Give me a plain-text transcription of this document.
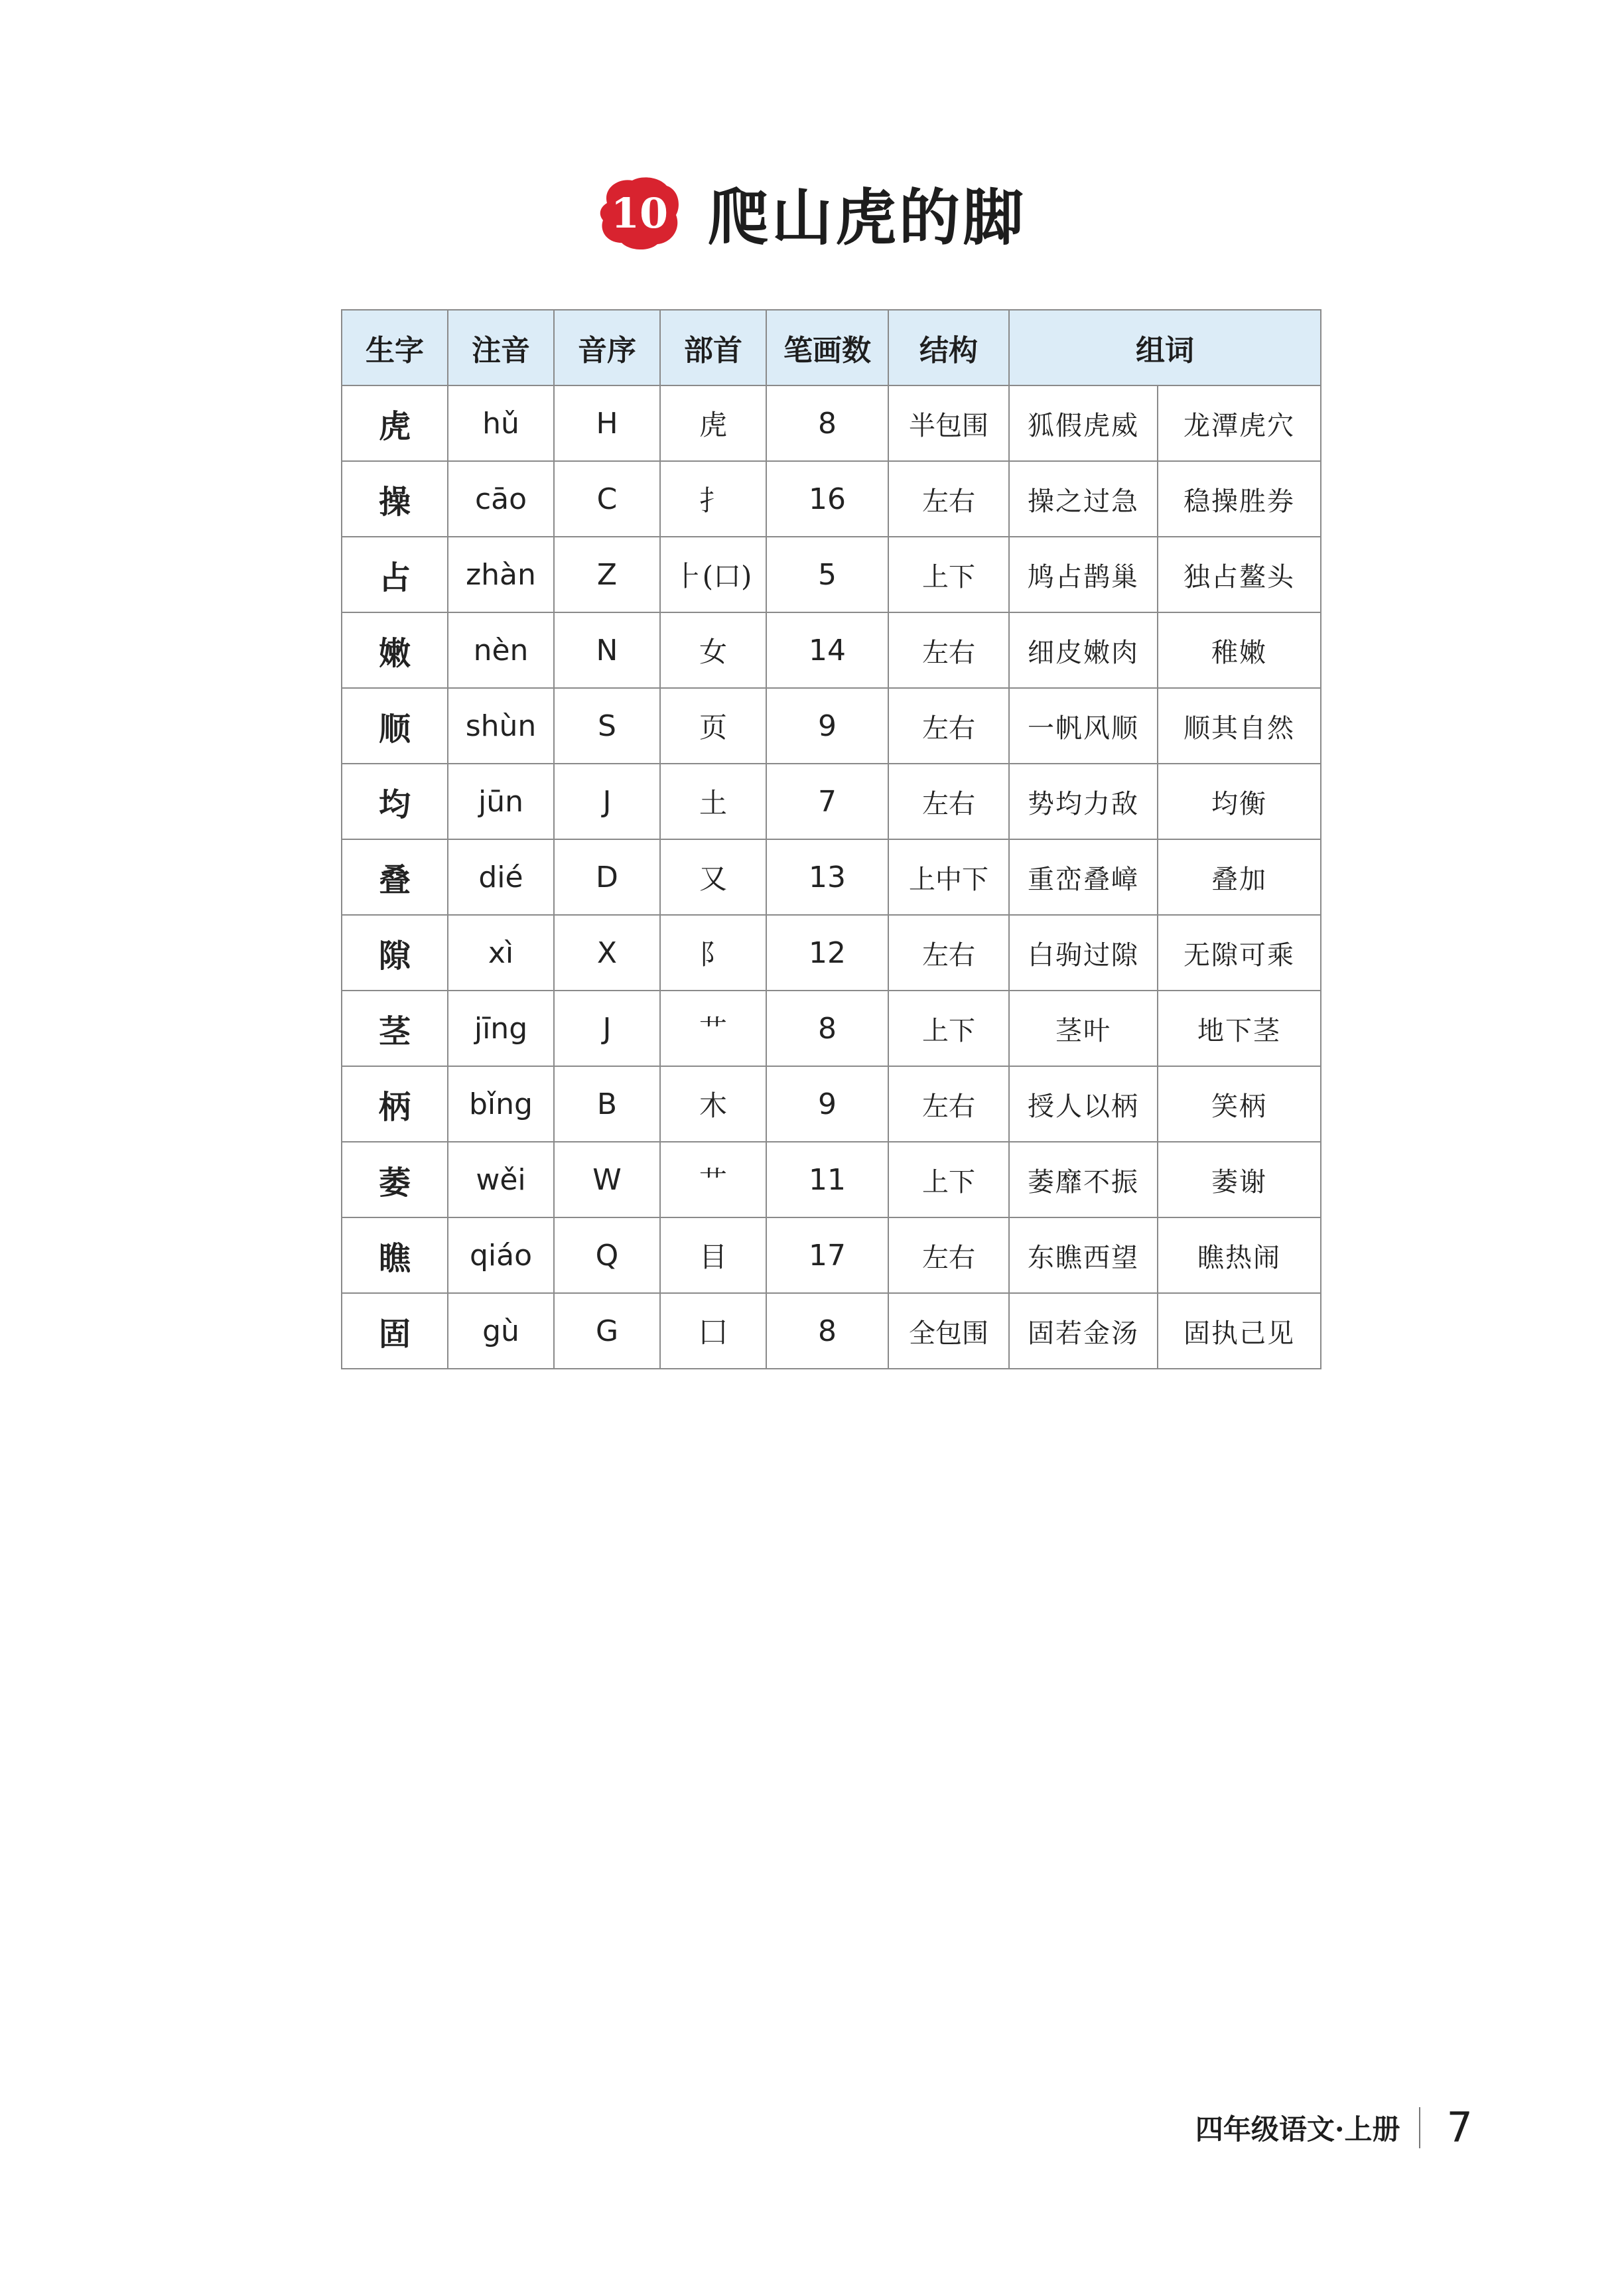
10 爬山虎的脚
生字	注音	音序	部首	笔画数	结构	组词	
虎	hǔ	H	虎	8	半包围	狐假虎威	龙潭虎穴
操	cāo	C	扌	16	左右	操之过急	稳操胜券
占	zhàn	Z	⺊(口)	5	上下	鸠占鹊巢	独占鳌头
嫩	nèn	N	女	14	左右	细皮嫩肉	稚嫩
顺	shùn	S	页	9	左右	一帆风顺	顺其自然
均	jūn	J	土	7	左右	势均力敌	均衡
叠	dié	D	又	13	上中下	重峦叠嶂	叠加
隙	xì	X	阝	12	左右	白驹过隙	无隙可乘
茎	jīng	J	艹	8	上下	茎叶	地下茎
柄	bǐng	B	木	9	左右	授人以柄	笑柄
萎	wěi	W	艹	11	上下	萎靡不振	萎谢
瞧	qiáo	Q	目	17	左右	东瞧西望	瞧热闹
固	gù	G	囗	8	全包围	固若金汤	固执己见
四年级语文·上册 7
